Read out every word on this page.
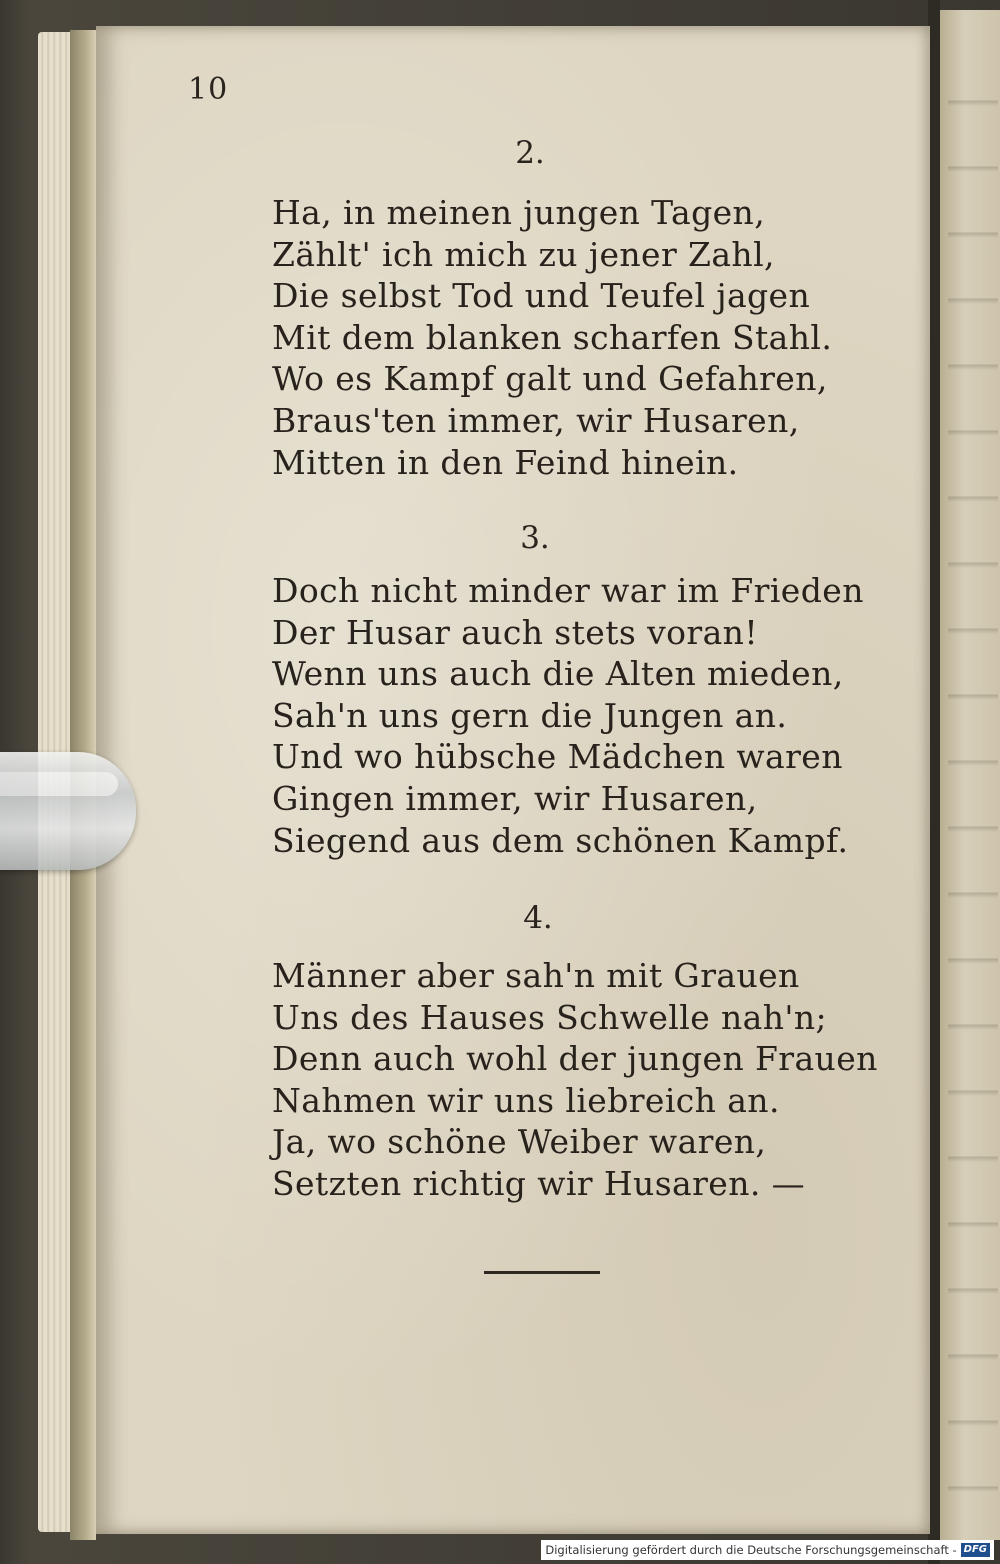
10
2.
Ha, in meinen jungen Tagen,
Zählt' ich mich zu jener Zahl,
Die selbst Tod und Teufel jagen
Mit dem blanken scharfen Stahl.
Wo es Kampf galt und Gefahren,
Braus'ten immer, wir Husaren,
Mitten in den Feind hinein.
3.
Doch nicht minder war im Frieden
Der Husar auch stets voran!
Wenn uns auch die Alten mieden,
Sah'n uns gern die Jungen an.
Und wo hübsche Mädchen waren
Gingen immer, wir Husaren,
Siegend aus dem schönen Kampf.
4.
Männer aber sah'n mit Grauen
Uns des Hauses Schwelle nah'n;
Denn auch wohl der jungen Frauen
Nahmen wir uns liebreich an.
Ja, wo schöne Weiber waren,
Setzten richtig wir Husaren. —
Digitalisierung gefördert durch die Deutsche Forschungsgemeinschaft - DFG
